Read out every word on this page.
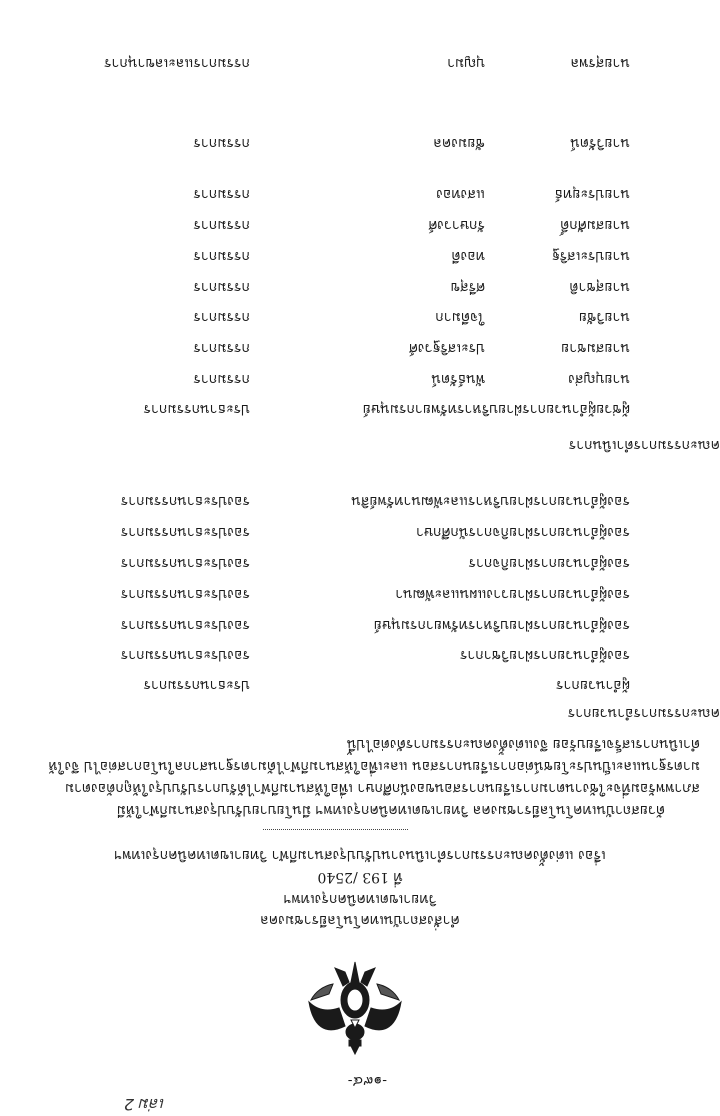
เล่ม 2
-๑๙๔-
คำสั่งสถาบันเทคโนโลยีราชมงคล
วิทยาเขตเทคนิคกรุงเทพฯ
ที่ 193 /2540
เรื่อง แต่งตั้งคณะกรรมการดำเนินงานปรับปรุงสนามกีฬา วิทยาเขตเทคนิคกรุงเทพฯ
ด้วยสถาบันเทคโนโลยีราชมงคล วิทยาเขตเทคนิคกรุงเทพฯ มีนโยบายปรับปรุงสนามกีฬาให้มี
สภาพพร้อมที่จะใช้งานตามการเรียนการสอนของนักศึกษา เพื่อให้สนามกีฬาได้รับการปรับปรุงให้ถูกต้องตาม
มาตรฐานและเป็นประโยชน์ต่อการเรียนการสอน และเพื่อให้สนามกีฬาได้มาตรฐานสากลในโอกาสต่อไป จึงให้
ดำเนินการเสร็จเรียบร้อย จึงแต่งตั้งคณะกรรมการดังต่อไปนี้
คณะกรรมการอำนวยการ
ผู้อำนวยการ
ประธานกรรมการ
รองผู้อำนวยการฝ่ายวิชาการ
รองประธานกรรมการ
รองผู้อำนวยการฝ่ายบริหารทรัพยากรมนุษย์
รองประธานกรรมการ
รองผู้อำนวยการฝ่ายวางแผนและพัฒนา
รองประธานกรรมการ
รองผู้อำนวยการฝ่ายกิจการ
รองประธานกรรมการ
รองผู้อำนวยการฝ่ายกิจการนักศึกษา
รองประธานกรรมการ
รองผู้อำนวยการฝ่ายบริหารและพัฒนาทรัพย์สิน
รองประธานกรรมการ
คณะกรรมการดำเนินการ
ผู้ช่วยผู้อำนวยการฝ่ายบริหารทรัพยากรมนุษย์
ประธานกรรมการ
นายบุญส่ง
พันธ์รัตน์
กรรมการ
นายสมชาย
ประเสริฐวงศ์
กรรมการ
นายวิชัย
ใจดีมาก
กรรมการ
นายสุชาติ
ศรีสุข
กรรมการ
นายประเสริฐ
ทองดี
กรรมการ
นายสมศักดิ์
รักษาวงศ์
กรรมการ
นายประยุทธ์
แสงทอง
กรรมการ
นายวิรัตน์
ชัยมงคล
กรรมการ
นายสุรพล
บุญมา
กรรมการและเลขานุการ
